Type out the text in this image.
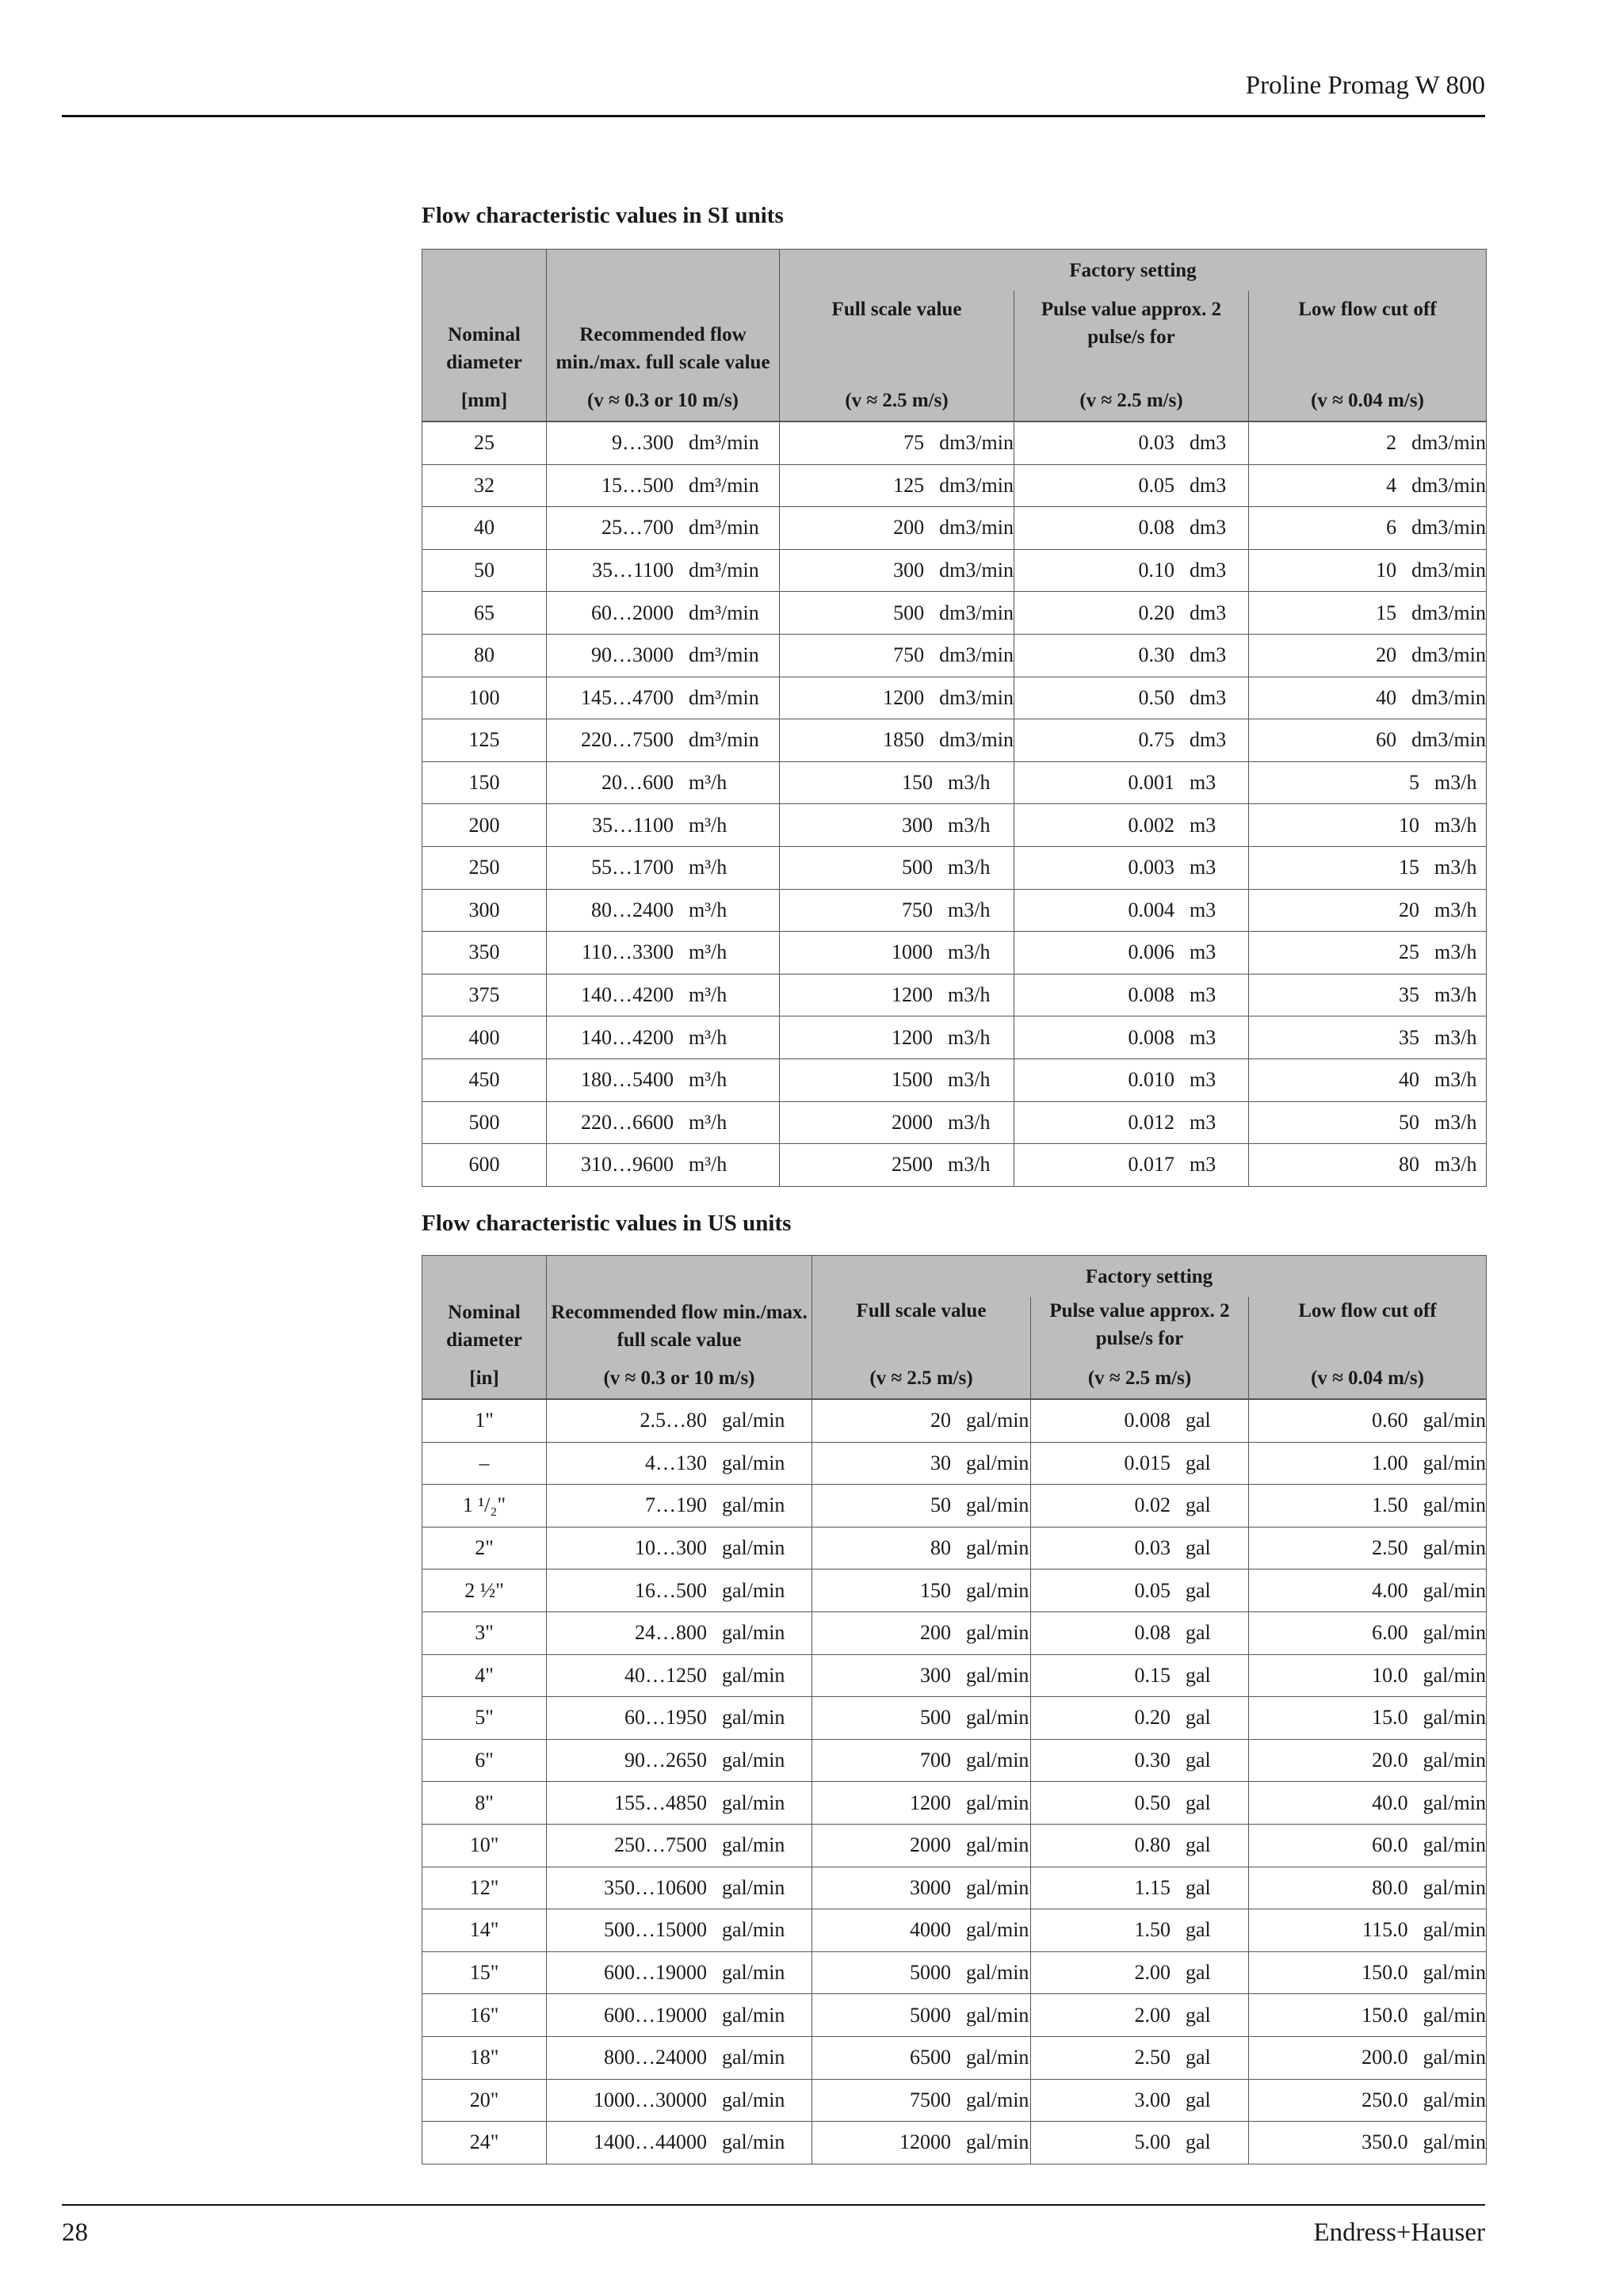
Proline Promag W 800
Flow characteristic values in SI units
Nominal diameter	Recommended flow min./max. full scale value	Factory setting		
		Full scale value	Pulse value approx. 2 pulse/s for	Low flow cut off
[mm]	(v ≈ 0.3 or 10 m/s)	(v ≈ 2.5 m/s)	(v ≈ 2.5 m/s)	(v ≈ 0.04 m/s)
25	9…300 dm³/min	75 dm3/min	0.03 dm3	2 dm3/min

32	15…500 dm³/min	125 dm3/min	0.05 dm3	4 dm3/min

40	25…700 dm³/min	200 dm3/min	0.08 dm3	6 dm3/min

50	35…1100 dm³/min	300 dm3/min	0.10 dm3	10 dm3/min

65	60…2000 dm³/min	500 dm3/min	0.20 dm3	15 dm3/min

80	90…3000 dm³/min	750 dm3/min	0.30 dm3	20 dm3/min

100	145…4700 dm³/min	1200 dm3/min	0.50 dm3	40 dm3/min

125	220…7500 dm³/min	1850 dm3/min	0.75 dm3	60 dm3/min

150	20…600 m³/h	150 m3/h	0.001 m3	5 m3/h

200	35…1100 m³/h	300 m3/h	0.002 m3	10 m3/h

250	55…1700 m³/h	500 m3/h	0.003 m3	15 m3/h

300	80…2400 m³/h	750 m3/h	0.004 m3	20 m3/h

350	110…3300 m³/h	1000 m3/h	0.006 m3	25 m3/h

375	140…4200 m³/h	1200 m3/h	0.008 m3	35 m3/h

400	140…4200 m³/h	1200 m3/h	0.008 m3	35 m3/h

450	180…5400 m³/h	1500 m3/h	0.010 m3	40 m3/h

500	220…6600 m³/h	2000 m3/h	0.012 m3	50 m3/h

600	310…9600 m³/h	2500 m3/h	0.017 m3	80 m3/h
Flow characteristic values in US units
Nominal diameter	Recommended flow min./max. full scale value	Factory setting		
		Full scale value	Pulse value approx. 2 pulse/s for	Low flow cut off
[in]	(v ≈ 0.3 or 10 m/s)	(v ≈ 2.5 m/s)	(v ≈ 2.5 m/s)	(v ≈ 0.04 m/s)
1"	2.5…80 gal/min	20 gal/min	0.008 gal	0.60 gal/min

–	4…130 gal/min	30 gal/min	0.015 gal	1.00 gal/min

1 ¹/₂"	7…190 gal/min	50 gal/min	0.02 gal	1.50 gal/min

2"	10…300 gal/min	80 gal/min	0.03 gal	2.50 gal/min

2 ½"	16…500 gal/min	150 gal/min	0.05 gal	4.00 gal/min

3"	24…800 gal/min	200 gal/min	0.08 gal	6.00 gal/min

4"	40…1250 gal/min	300 gal/min	0.15 gal	10.0 gal/min

5"	60…1950 gal/min	500 gal/min	0.20 gal	15.0 gal/min

6"	90…2650 gal/min	700 gal/min	0.30 gal	20.0 gal/min

8"	155…4850 gal/min	1200 gal/min	0.50 gal	40.0 gal/min

10"	250…7500 gal/min	2000 gal/min	0.80 gal	60.0 gal/min

12"	350…10600 gal/min	3000 gal/min	1.15 gal	80.0 gal/min

14"	500…15000 gal/min	4000 gal/min	1.50 gal	115.0 gal/min

15"	600…19000 gal/min	5000 gal/min	2.00 gal	150.0 gal/min

16"	600…19000 gal/min	5000 gal/min	2.00 gal	150.0 gal/min

18"	800…24000 gal/min	6500 gal/min	2.50 gal	200.0 gal/min

20"	1000…30000 gal/min	7500 gal/min	3.00 gal	250.0 gal/min

24"	1400…44000 gal/min	12000 gal/min	5.00 gal	350.0 gal/min
28	Endress+Hauser
